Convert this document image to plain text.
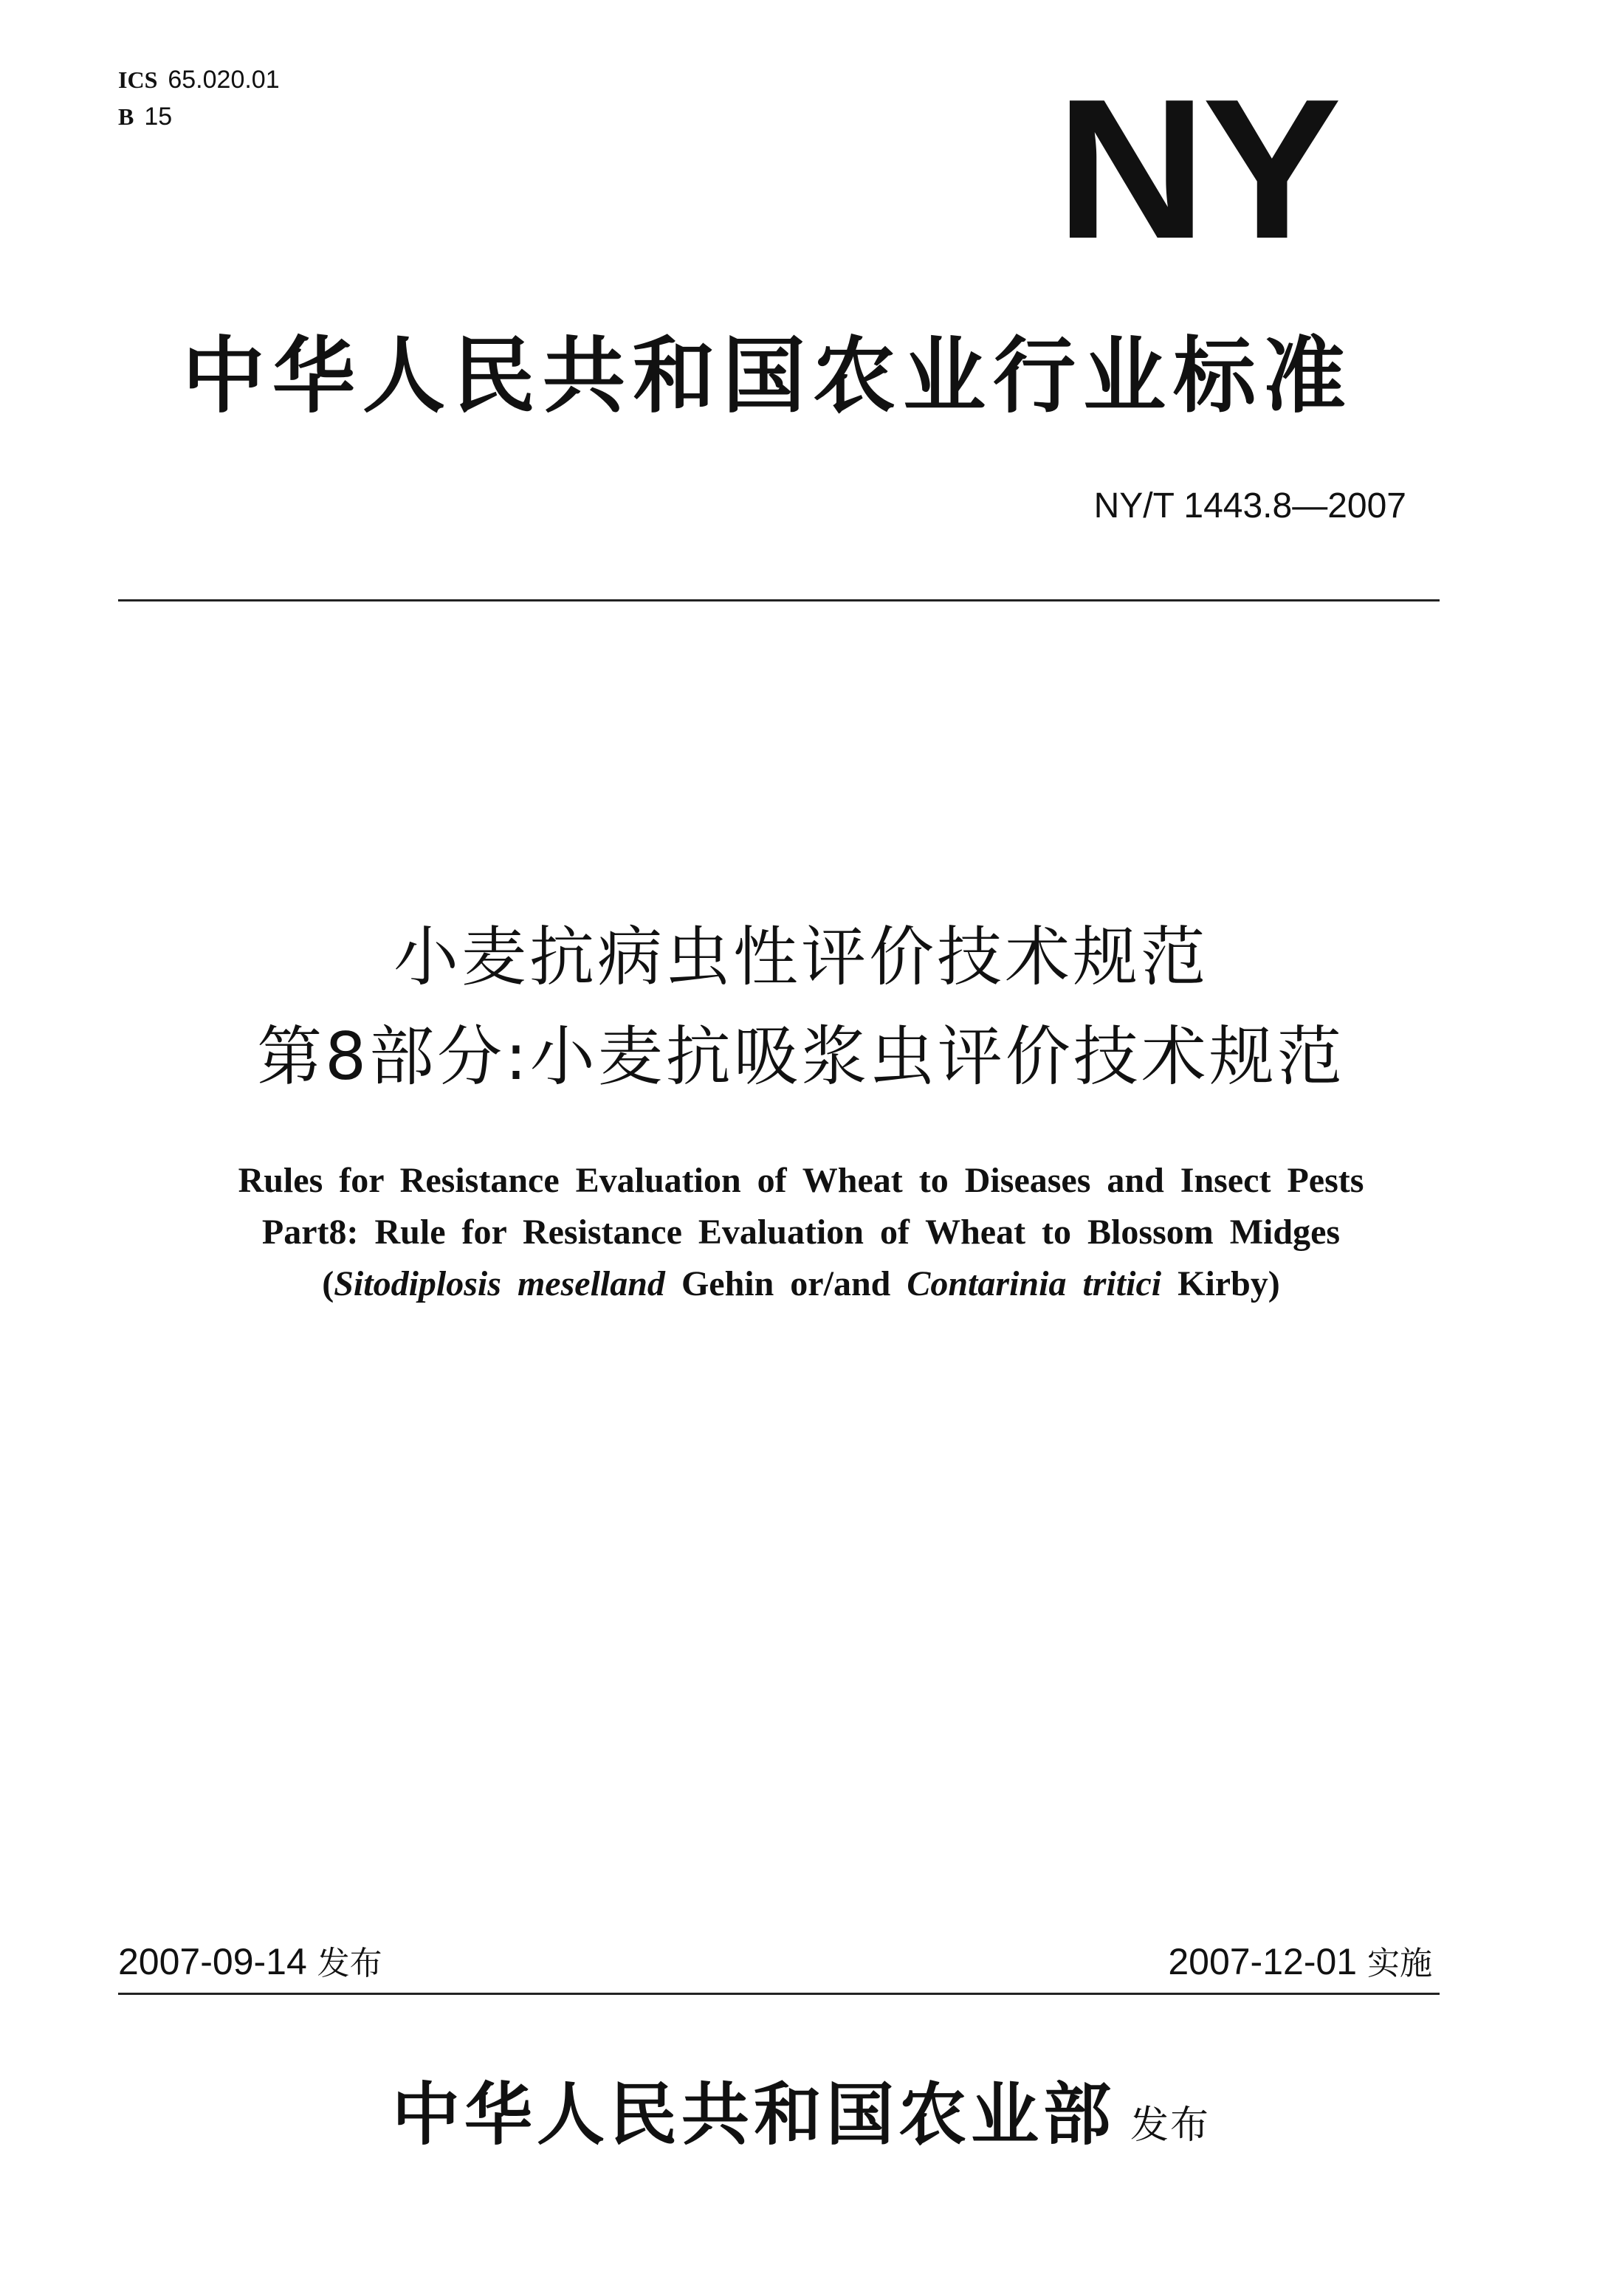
ICS 65.020.01
B 15	NY
中华人民共和国农业行业标准
NY/T 1443.8—2007
小麦抗病虫性评价技术规范
第8部分:小麦抗吸浆虫评价技术规范
Rules for Resistance Evaluation of Wheat to Diseases and Insect Pests
Part8: Rule for Resistance Evaluation of Wheat to Blossom Midges
(Sitodiplosis meselland Gehin or/and Contarinia tritici Kirby)
2007-09-14 发布	2007-12-01 实施
中华人民共和国农业部 发布
